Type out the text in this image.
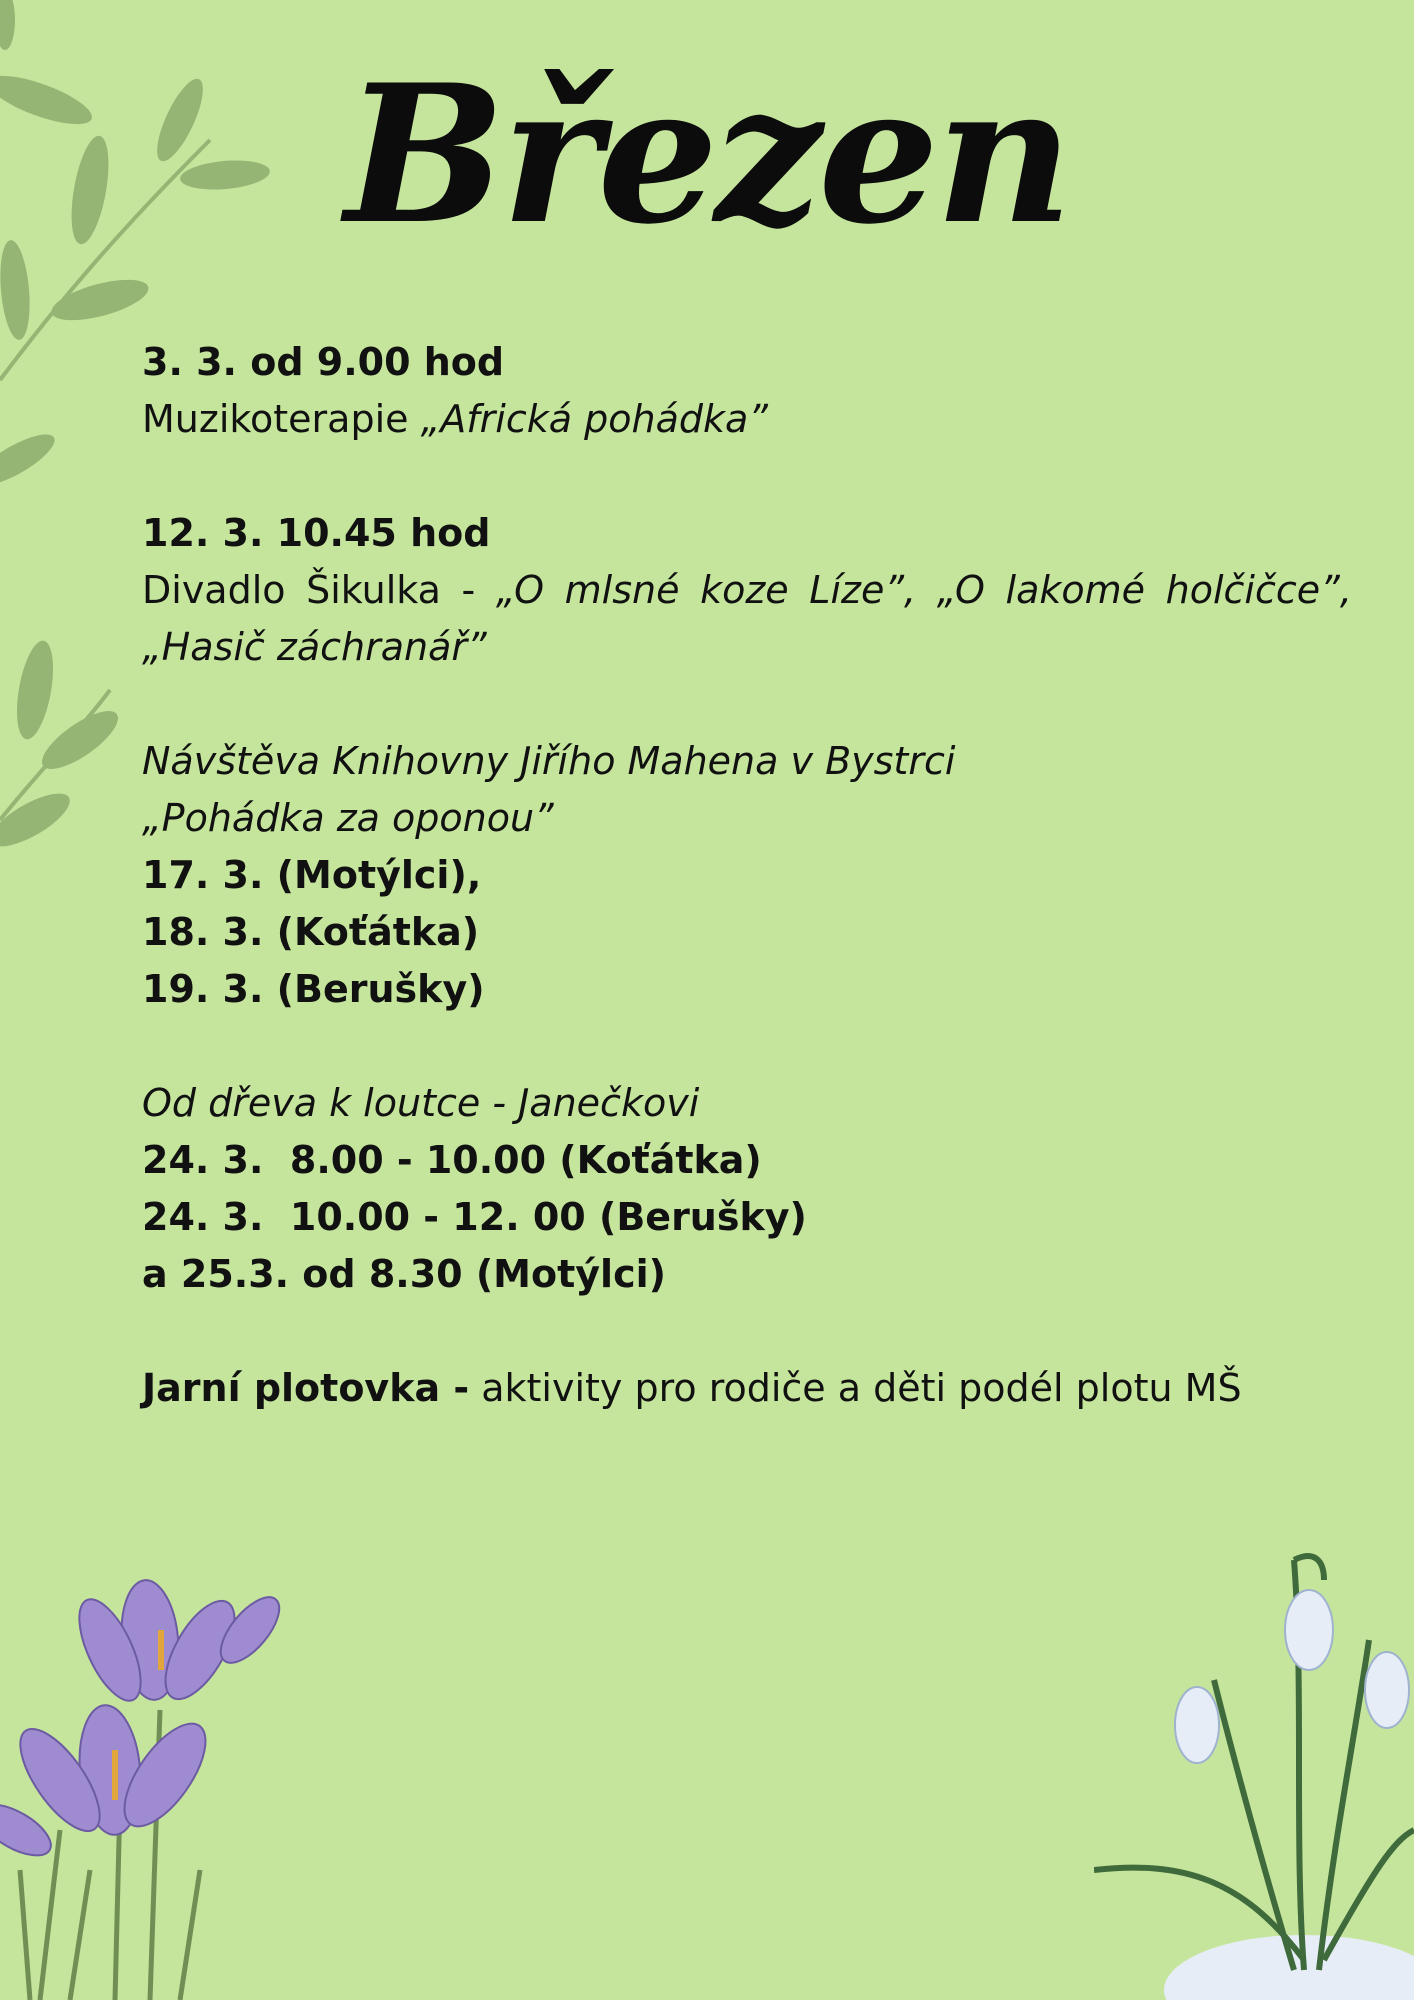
Březen
3. 3. od 9.00 hod
Muzikoterapie „Africká pohádka”
12. 3. 10.45 hod
Divadlo Šikulka - „O mlsné koze Líze”, „O lakomé holčičce”,
„Hasič záchranář”
Návštěva Knihovny Jiřího Mahena v Bystrci
„Pohádka za oponou”
17. 3. (Motýlci),
18. 3. (Koťátka)
19. 3. (Berušky)
Od dřeva k loutce - Janečkovi
24. 3.  8.00 - 10.00 (Koťátka)
24. 3.  10.00 - 12. 00 (Berušky)
a 25.3. od 8.30 (Motýlci)
Jarní plotovka - aktivity pro rodiče a děti podél plotu MŠ
